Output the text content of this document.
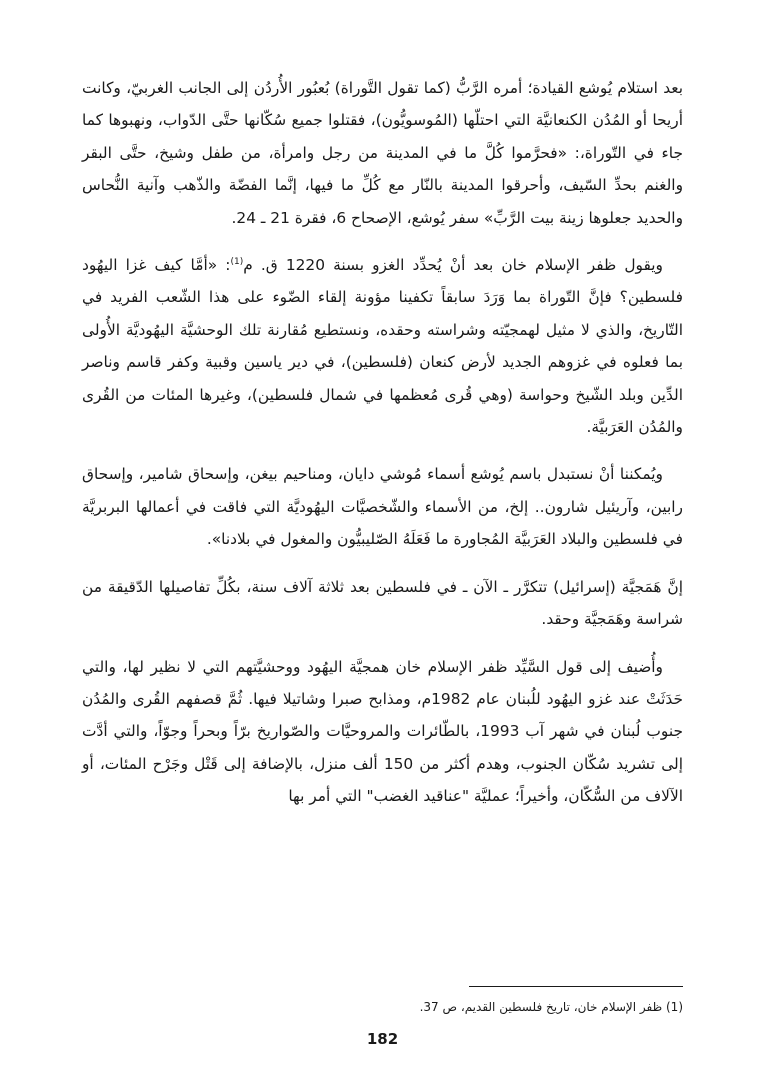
بعد استلام يُوشع القيادة؛ أمره الرَّبُّ (كما تقول التَّوراة) بُعبُور الأُردُن إلى الجانب الغربيّ، وكانت أريحا أو المُدُن الكنعانيَّة التي احتلّها (المُوسويُّون)، فقتلوا جميع سُكّانها حتَّى الدّواب، ونهبوها كما جاء في التّوراة،: «فحرَّموا كُلَّ ما في المدينة من رجل وامرأة، من طفل وشيخ، حتَّى البقر والغنم بحدِّ السّيف، وأحرقوا المدينة بالنّار مع كُلِّ ما فيها، إنَّما الفضّة والذّهب وآنية النُّحاس والحديد جعلوها زينة بيت الرَّبِّ» سفر يُوشع، الإصحاح 6، فقرة 21 ـ 24.

ويقول ظفر الإسلام خان بعد أنْ يُحدِّد الغزو بسنة 1220 ق. م$^{(1)}$: «أمَّا كيف غزا اليهُود فلسطين؟ فإنَّ التّوراة بما وَرَدَ سابقاً تكفينا مؤونة إلقاء الضّوء على هذا الشّعب الفريد في التّاريخ، والذي لا مثيل لهمجيّته وشراسته وحقده، ونستطيع مُقارنة تلك الوحشيَّة اليهُوديَّة الأُولى بما فعلوه في غزوهم الجديد لأرض كنعان (فلسطين)، في دير ياسين وقبية وكفر قاسم وناصر الدِّين وبلد الشّيخ وحواسة (وهي قُرى مُعظمها في شمال فلسطين)، وغيرها المئات من القُرى والمُدُن العَرَبيَّة.

ويُمكننا أنْ نستبدل باسم يُوشع أسماء مُوشي دايان، ومناحيم بيغن، وإسحاق شامير، وإسحاق رابين، وآريئيل شارون.. إلخ، من الأسماء والشّخصيَّات اليهُوديَّة التي فاقت في أعمالها البربريَّة في فلسطين والبلاد العَرَبيَّة المُجاورة ما فَعَلَهُ الصّليبيُّون والمغول في بلادنا».

إنَّ هَمَجيَّة (إسرائيل) تتكرَّر ـ الآن ـ في فلسطين بعد ثلاثة آلاف سنة، بكُلِّ تفاصيلها الدّقيقة من شراسة وهَمَجيَّة وحقد.

وأُضيف إلى قول السَّيِّد ظفر الإسلام خان همجيَّة اليهُود ووحشيَّتهم التي لا نظير لها، والتي حَدَثَتْ عند غزو اليهُود للُبنان عام 1982م، ومذابح صبرا وشاتيلا فيها. ثُمَّ قصفهم القُرى والمُدُن جنوب لُبنان في شهر آب 1993، بالطّائرات والمروحيَّات والصّواريخ برّاً وبحراً وجوّاً، والتي أدَّت إلى تشريد سُكّان الجنوب، وهدم أكثر من 150 ألف منزل، بالإضافة إلى قَتْل وجَرْح المئات، أو الآلاف من السُّكّان، وأخيراً؛ عمليَّة "عناقيد الغضب" التي أمر بها

(1) ظفر الإسلام خان، تاريخ فلسطين القديم، ص 37.
182
